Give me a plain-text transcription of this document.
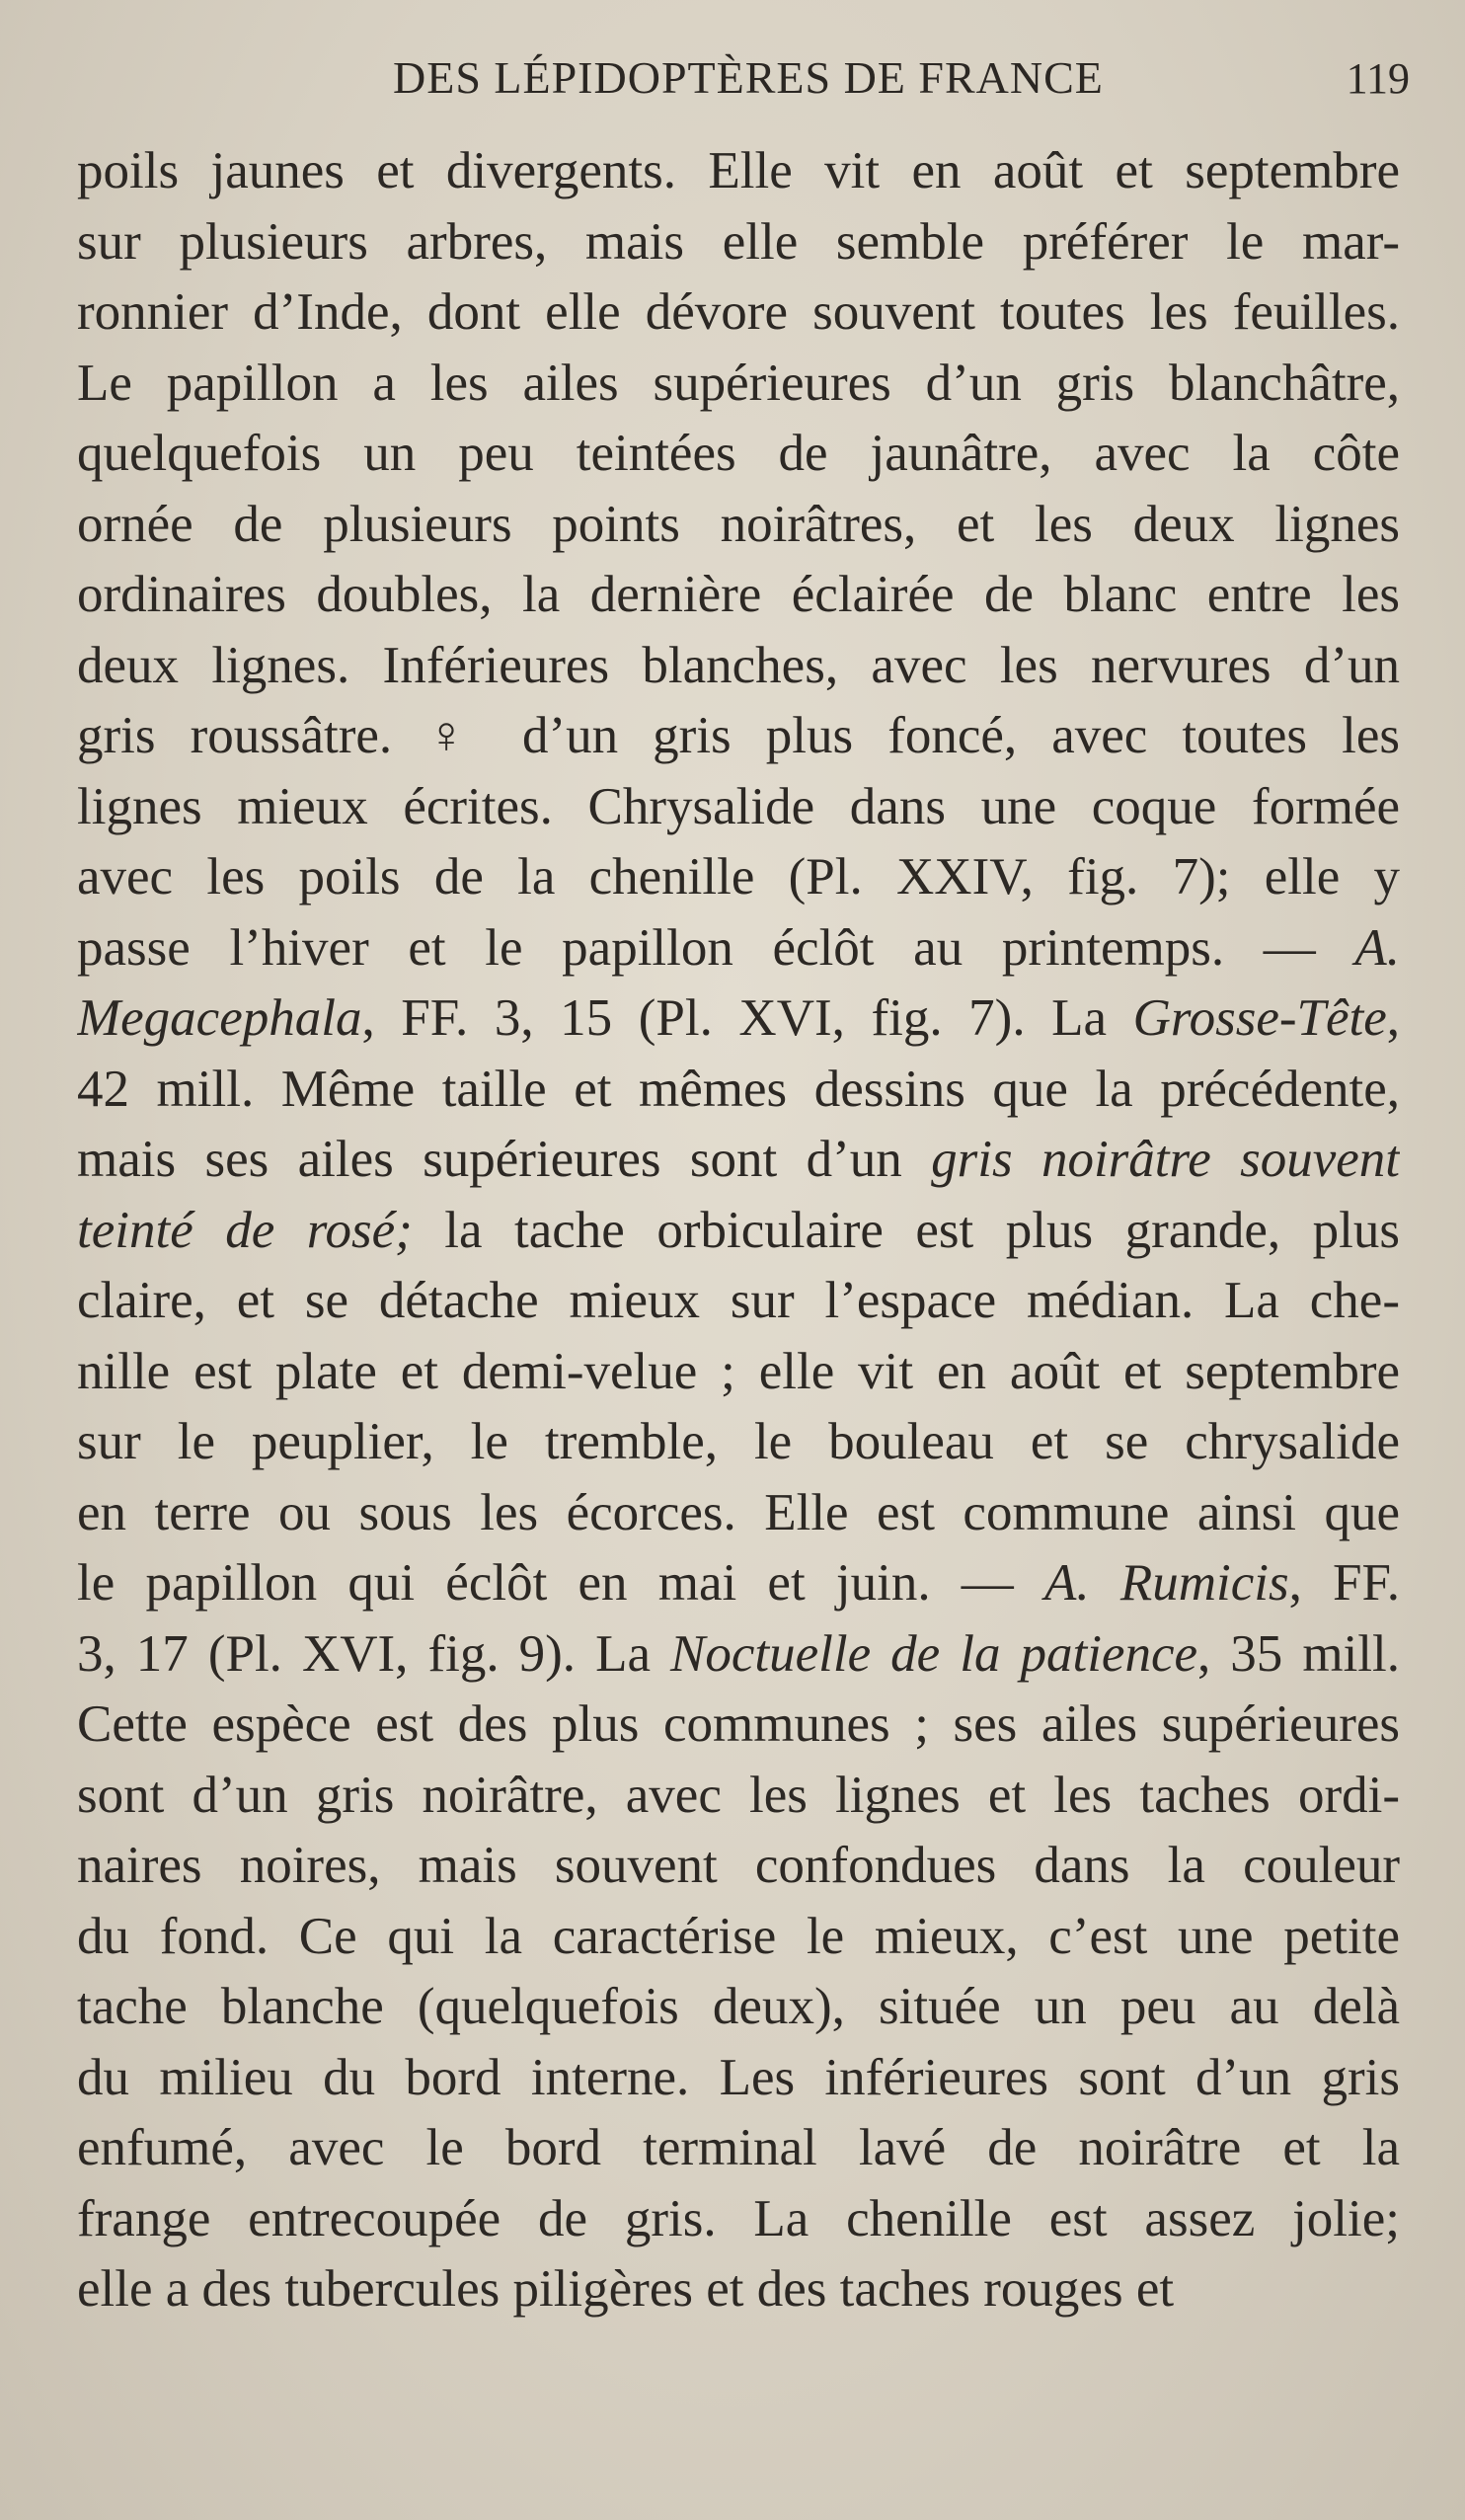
DES LÉPIDOPTÈRES DE FRANCE	119
poils jaunes et divergents. Elle vit en août et septembre
sur plusieurs arbres, mais elle semble préférer le mar-
ronnier d’Inde, dont elle dévore souvent toutes les feuilles.
Le papillon a les ailes supérieures d’un gris blanchâtre,
quelquefois un peu teintées de jaunâtre, avec la côte
ornée de plusieurs points noirâtres, et les deux lignes
ordinaires doubles, la dernière éclairée de blanc entre les
deux lignes. Inférieures blanches, avec les nervures d’un
gris roussâtre. ♀ d’un gris plus foncé, avec toutes les
lignes mieux écrites. Chrysalide dans une coque formée
avec les poils de la chenille (Pl. XXIV, fig. 7); elle y
passe l’hiver et le papillon éclôt au printemps. — A.
Megacephala, FF. 3, 15 (Pl. XVI, fig. 7). La Grosse-Tête,
42 mill. Même taille et mêmes dessins que la précédente,
mais ses ailes supérieures sont d’un gris noirâtre souvent
teinté de rosé; la tache orbiculaire est plus grande, plus
claire, et se détache mieux sur l’espace médian. La che-
nille est plate et demi-velue ; elle vit en août et septembre
sur le peuplier, le tremble, le bouleau et se chrysalide
en terre ou sous les écorces. Elle est commune ainsi que
le papillon qui éclôt en mai et juin. — A. Rumicis, FF.
3, 17 (Pl. XVI, fig. 9). La Noctuelle de la patience, 35 mill.
Cette espèce est des plus communes ; ses ailes supérieures
sont d’un gris noirâtre, avec les lignes et les taches ordi-
naires noires, mais souvent confondues dans la couleur
du fond. Ce qui la caractérise le mieux, c’est une petite
tache blanche (quelquefois deux), située un peu au delà
du milieu du bord interne. Les inférieures sont d’un gris
enfumé, avec le bord terminal lavé de noirâtre et la
frange entrecoupée de gris. La chenille est assez jolie;
elle a des tubercules piligères et des taches rouges et
